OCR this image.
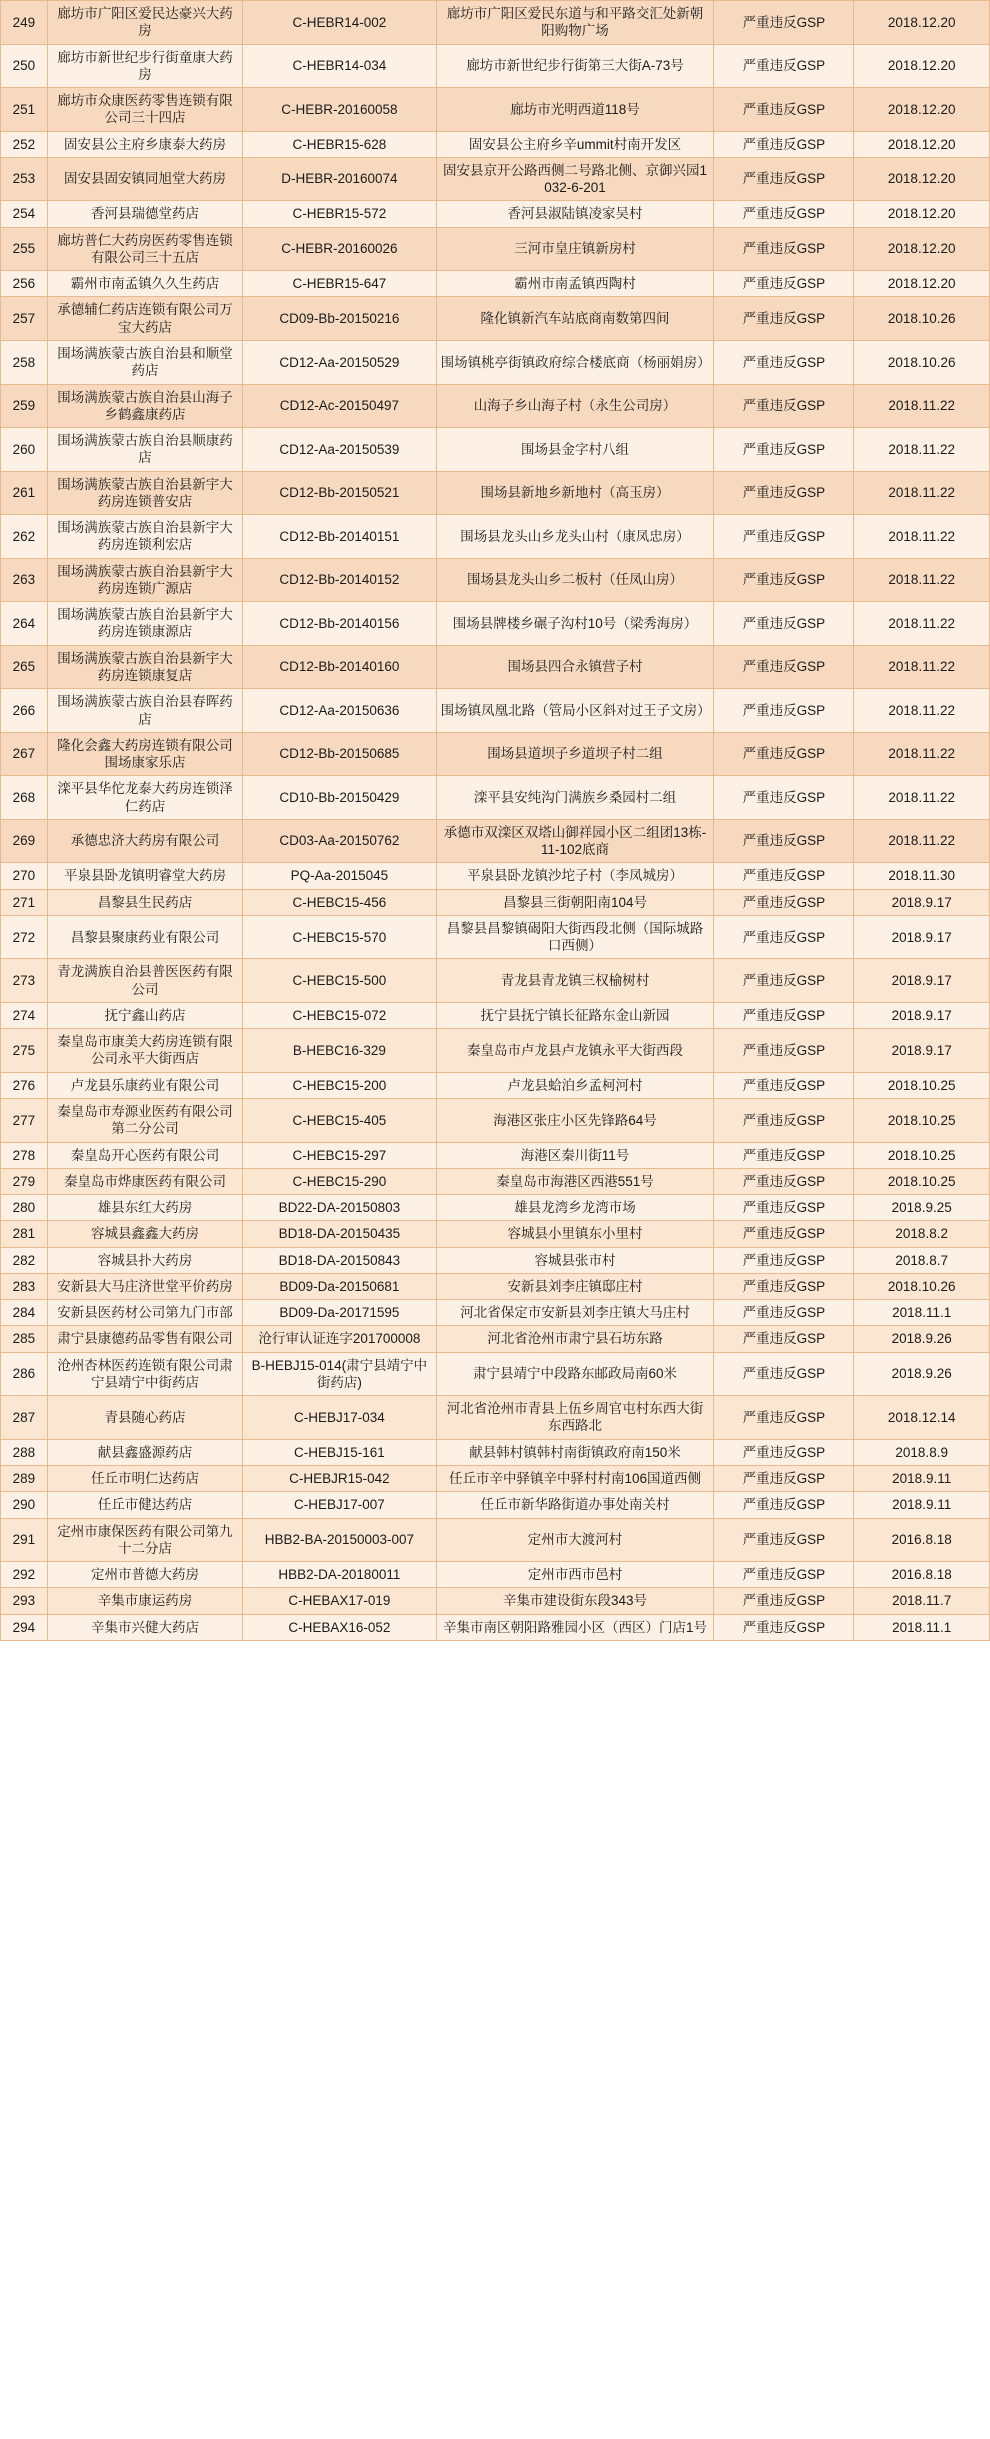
249	廊坊市广阳区爱民达豪兴大药房	C-HEBR14-002	廊坊市广阳区爱民东道与和平路交汇处新朝阳购物广场	严重违反GSP	2018.12.20
250	廊坊市新世纪步行街童康大药房	C-HEBR14-034	廊坊市新世纪步行街第三大街A-73号	严重违反GSP	2018.12.20
251	廊坊市众康医药零售连锁有限公司三十四店	C-HEBR-20160058	廊坊市光明西道118号	严重违反GSP	2018.12.20
252	固安县公主府乡康泰大药房	C-HEBR15-628	固安县公主府乡辛ummit村南开发区	严重违反GSP	2018.12.20
253	固安县固安镇同旭堂大药房	D-HEBR-20160074	固安县京开公路西侧二号路北侧、京御兴园1032-6-201	严重违反GSP	2018.12.20
254	香河县瑞德堂药店	C-HEBR15-572	香河县淑陆镇凌家吴村	严重违反GSP	2018.12.20
255	廊坊普仁大药房医药零售连锁有限公司三十五店	C-HEBR-20160026	三河市皇庄镇新房村	严重违反GSP	2018.12.20
256	霸州市南孟镇久久生药店	C-HEBR15-647	霸州市南孟镇西陶村	严重违反GSP	2018.12.20
257	承德辅仁药店连锁有限公司万宝大药店	CD09-Bb-20150216	隆化镇新汽车站底商南数第四间	严重违反GSP	2018.10.26
258	围场满族蒙古族自治县和顺堂药店	CD12-Aa-20150529	围场镇桃亭街镇政府综合楼底商（杨丽娟房）	严重违反GSP	2018.10.26
259	围场满族蒙古族自治县山海子乡鹤鑫康药店	CD12-Ac-20150497	山海子乡山海子村（永生公司房）	严重违反GSP	2018.11.22
260	围场满族蒙古族自治县顺康药店	CD12-Aa-20150539	围场县金字村八组	严重违反GSP	2018.11.22
261	围场满族蒙古族自治县新宇大药房连锁普安店	CD12-Bb-20150521	围场县新地乡新地村（高玉房）	严重违反GSP	2018.11.22
262	围场满族蒙古族自治县新宇大药房连锁利宏店	CD12-Bb-20140151	围场县龙头山乡龙头山村（康凤忠房）	严重违反GSP	2018.11.22
263	围场满族蒙古族自治县新宇大药房连锁广源店	CD12-Bb-20140152	围场县龙头山乡二板村（任凤山房）	严重违反GSP	2018.11.22
264	围场满族蒙古族自治县新宇大药房连锁康源店	CD12-Bb-20140156	围场县牌楼乡碾子沟村10号（梁秀海房）	严重违反GSP	2018.11.22
265	围场满族蒙古族自治县新宇大药房连锁康复店	CD12-Bb-20140160	围场县四合永镇营子村	严重违反GSP	2018.11.22
266	围场满族蒙古族自治县春晖药店	CD12-Aa-20150636	围场镇凤凰北路（管局小区斜对过王子文房）	严重违反GSP	2018.11.22
267	隆化会鑫大药房连锁有限公司围场康家乐店	CD12-Bb-20150685	围场县道坝子乡道坝子村二组	严重违反GSP	2018.11.22
268	滦平县华佗龙泰大药房连锁泽仁药店	CD10-Bb-20150429	滦平县安纯沟门满族乡桑园村二组	严重违反GSP	2018.11.22
269	承德忠济大药房有限公司	CD03-Aa-20150762	承德市双滦区双塔山御祥园小区二组团13栋-11-102底商	严重违反GSP	2018.11.22
270	平泉县卧龙镇明睿堂大药房	PQ-Aa-2015045	平泉县卧龙镇沙坨子村（李凤城房）	严重违反GSP	2018.11.30
271	昌黎县生民药店	C-HEBC15-456	昌黎县三街朝阳南104号	严重违反GSP	2018.9.17
272	昌黎县聚康药业有限公司	C-HEBC15-570	昌黎县昌黎镇碣阳大街西段北侧（国际城路口西侧）	严重违反GSP	2018.9.17
273	青龙满族自治县普医医药有限公司	C-HEBC15-500	青龙县青龙镇三权榆树村	严重违反GSP	2018.9.17
274	抚宁鑫山药店	C-HEBC15-072	抚宁县抚宁镇长征路东金山新园	严重违反GSP	2018.9.17
275	秦皇岛市康美大药房连锁有限公司永平大街西店	B-HEBC16-329	秦皇岛市卢龙县卢龙镇永平大街西段	严重违反GSP	2018.9.17
276	卢龙县乐康药业有限公司	C-HEBC15-200	卢龙县蛤泊乡孟柯河村	严重违反GSP	2018.10.25
277	秦皇岛市寿源业医药有限公司第二分公司	C-HEBC15-405	海港区张庄小区先锋路64号	严重违反GSP	2018.10.25
278	秦皇岛开心医药有限公司	C-HEBC15-297	海港区秦川街11号	严重违反GSP	2018.10.25
279	秦皇岛市烨康医药有限公司	C-HEBC15-290	秦皇岛市海港区西港551号	严重违反GSP	2018.10.25
280	雄县东红大药房	BD22-DA-20150803	雄县龙湾乡龙湾市场	严重违反GSP	2018.9.25
281	容城县鑫鑫大药房	BD18-DA-20150435	容城县小里镇东小里村	严重违反GSP	2018.8.2
282	容城县扑大药房	BD18-DA-20150843	容城县张市村	严重违反GSP	2018.8.7
283	安新县大马庄济世堂平价药房	BD09-Da-20150681	安新县刘李庄镇邸庄村	严重违反GSP	2018.10.26
284	安新县医药材公司第九门市部	BD09-Da-20171595	河北省保定市安新县刘李庄镇大马庄村	严重违反GSP	2018.11.1
285	肃宁县康德药品零售有限公司	沧行审认证连字201700008	河北省沧州市肃宁县石坊东路	严重违反GSP	2018.9.26
286	沧州杏林医药连锁有限公司肃宁县靖宁中街药店	B-HEBJ15-014(肃宁县靖宁中街药店)	肃宁县靖宁中段路东邮政局南60米	严重违反GSP	2018.9.26
287	青县随心药店	C-HEBJ17-034	河北省沧州市青县上伍乡周官屯村东西大街东西路北	严重违反GSP	2018.12.14
288	献县鑫盛源药店	C-HEBJ15-161	献县韩村镇韩村南街镇政府南150米	严重违反GSP	2018.8.9
289	任丘市明仁达药店	C-HEBJR15-042	任丘市辛中驿镇辛中驿村村南106国道西侧	严重违反GSP	2018.9.11
290	任丘市健达药店	C-HEBJ17-007	任丘市新华路街道办事处南关村	严重违反GSP	2018.9.11
291	定州市康保医药有限公司第九十二分店	HBB2-BA-20150003-007	定州市大渡河村	严重违反GSP	2016.8.18
292	定州市普德大药房	HBB2-DA-20180011	定州市西市邑村	严重违反GSP	2016.8.18
293	辛集市康运药房	C-HEBAX17-019	辛集市建设街东段343号	严重违反GSP	2018.11.7
294	辛集市兴健大药店	C-HEBAX16-052	辛集市南区朝阳路雅园小区（西区）门店1号	严重违反GSP	2018.11.1
